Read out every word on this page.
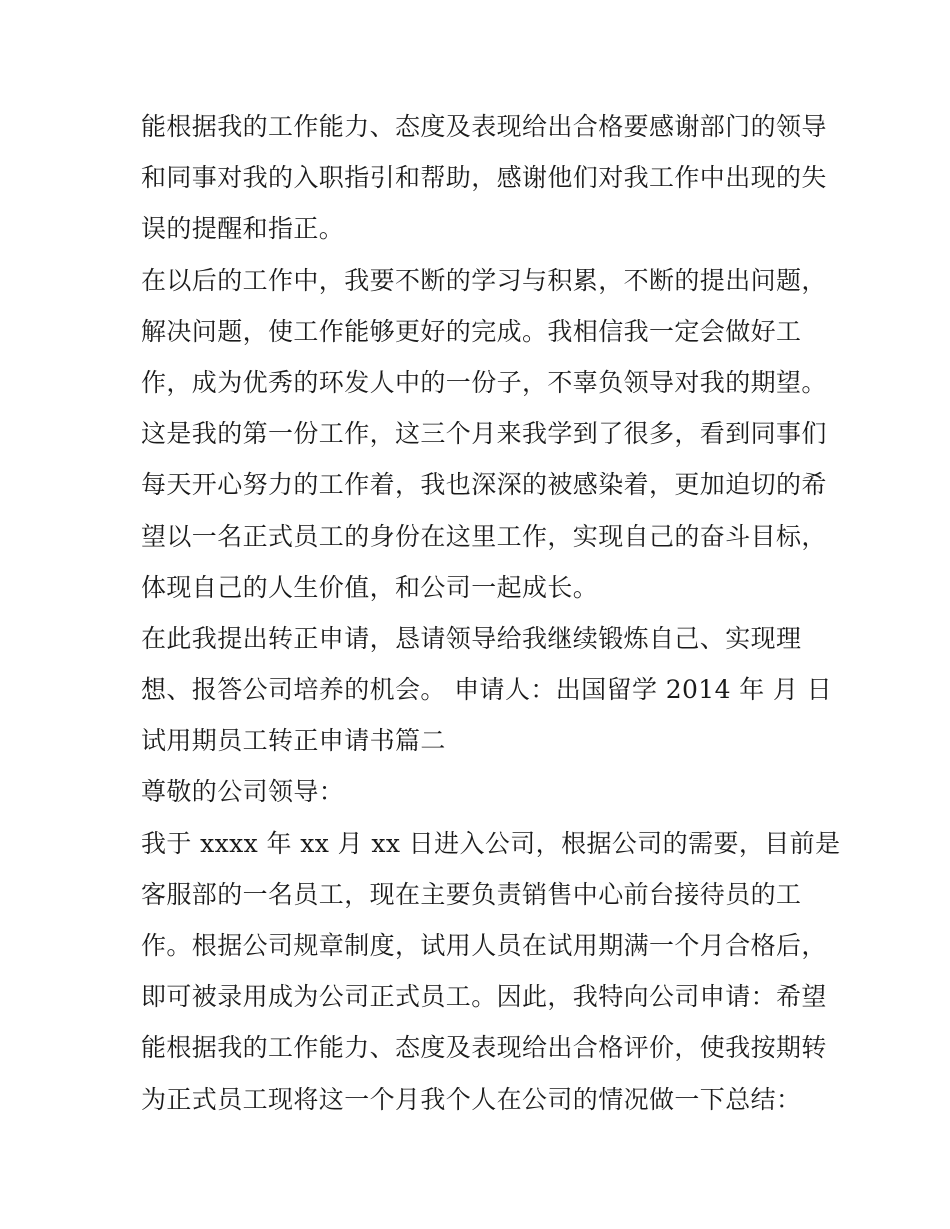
能根据我的工作能力、态度及表现给出合格要感谢部门的领导
和同事对我的入职指引和帮助，感谢他们对我工作中出现的失
误的提醒和指正。
在以后的工作中，我要不断的学习与积累，不断的提出问题，
解决问题，使工作能够更好的完成。我相信我一定会做好工
作，成为优秀的环发人中的一份子，不辜负领导对我的期望。
这是我的第一份工作，这三个月来我学到了很多，看到同事们
每天开心努力的工作着，我也深深的被感染着，更加迫切的希
望以一名正式员工的身份在这里工作，实现自己的奋斗目标，
体现自己的人生价值，和公司一起成长。
在此我提出转正申请，恳请领导给我继续锻炼自己、实现理
想、报答公司培养的机会。 申请人：出国留学 2014 年 月 日
试用期员工转正申请书篇二
尊敬的公司领导：
我于 xxxx 年 xx 月 xx 日进入公司，根据公司的需要，目前是
客服部的一名员工，现在主要负责销售中心前台接待员的工
作。根据公司规章制度，试用人员在试用期满一个月合格后，
即可被录用成为公司正式员工。因此，我特向公司申请：希望
能根据我的工作能力、态度及表现给出合格评价，使我按期转
为正式员工现将这一个月我个人在公司的情况做一下总结：
